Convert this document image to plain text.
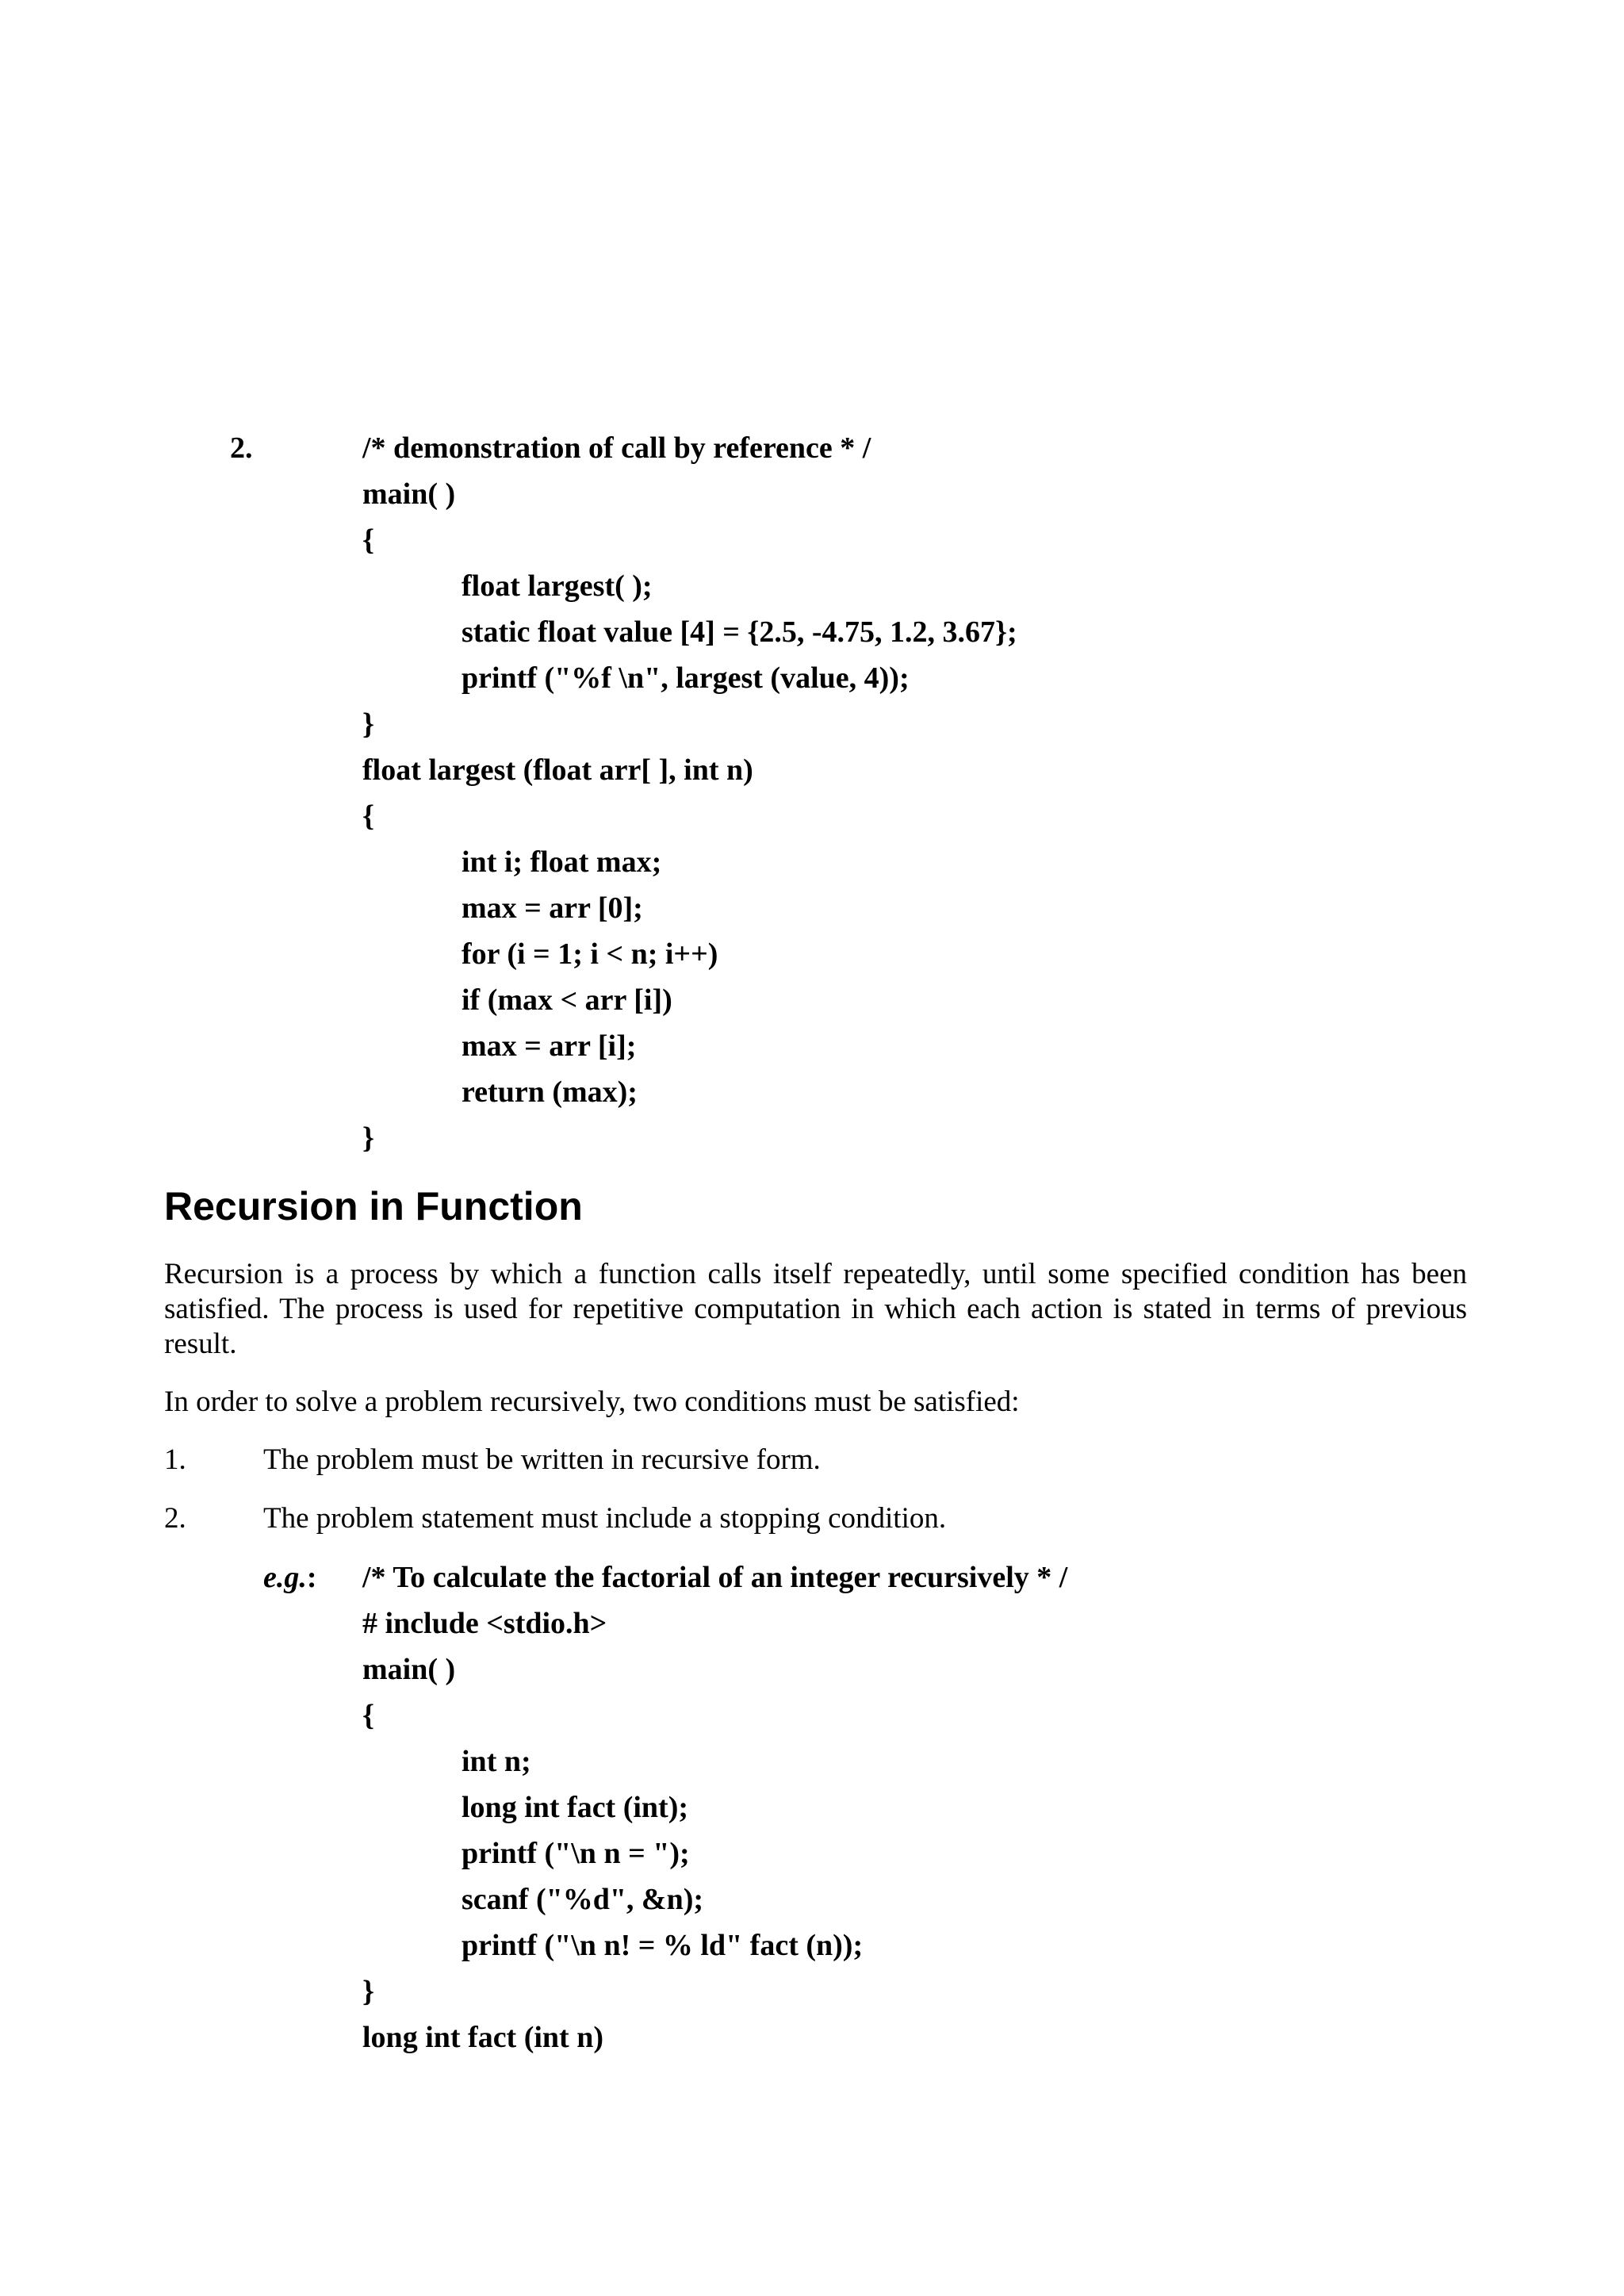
2.	/* demonstration of call by reference * /
main( )
{
float largest( );
static float value [4] = {2.5, -4.75, 1.2, 3.67};
printf ("%f \n", largest (value, 4));
}
float largest (float arr[ ], int n)
{
int i; float max;
max = arr [0];
for (i = 1; i < n; i++)
if (max < arr [i])
max = arr [i];
return (max);
}
Recursion in Function
Recursion is a process by which a function calls itself repeatedly, until some specified condition has been satisfied. The process is used for repetitive computation in which each action is stated in terms of previous result.
In order to solve a problem recursively, two conditions must be satisfied:
1.	The problem must be written in recursive form.
2.	The problem statement must include a stopping condition.
e.g.: /* To calculate the factorial of an integer recursively * /
# include <stdio.h>
main( )
{
int n;
long int fact (int);
printf ("\n n = ");
scanf ("%d", &n);
printf ("\n n! = % ld" fact (n));
}
long int fact (int n)
